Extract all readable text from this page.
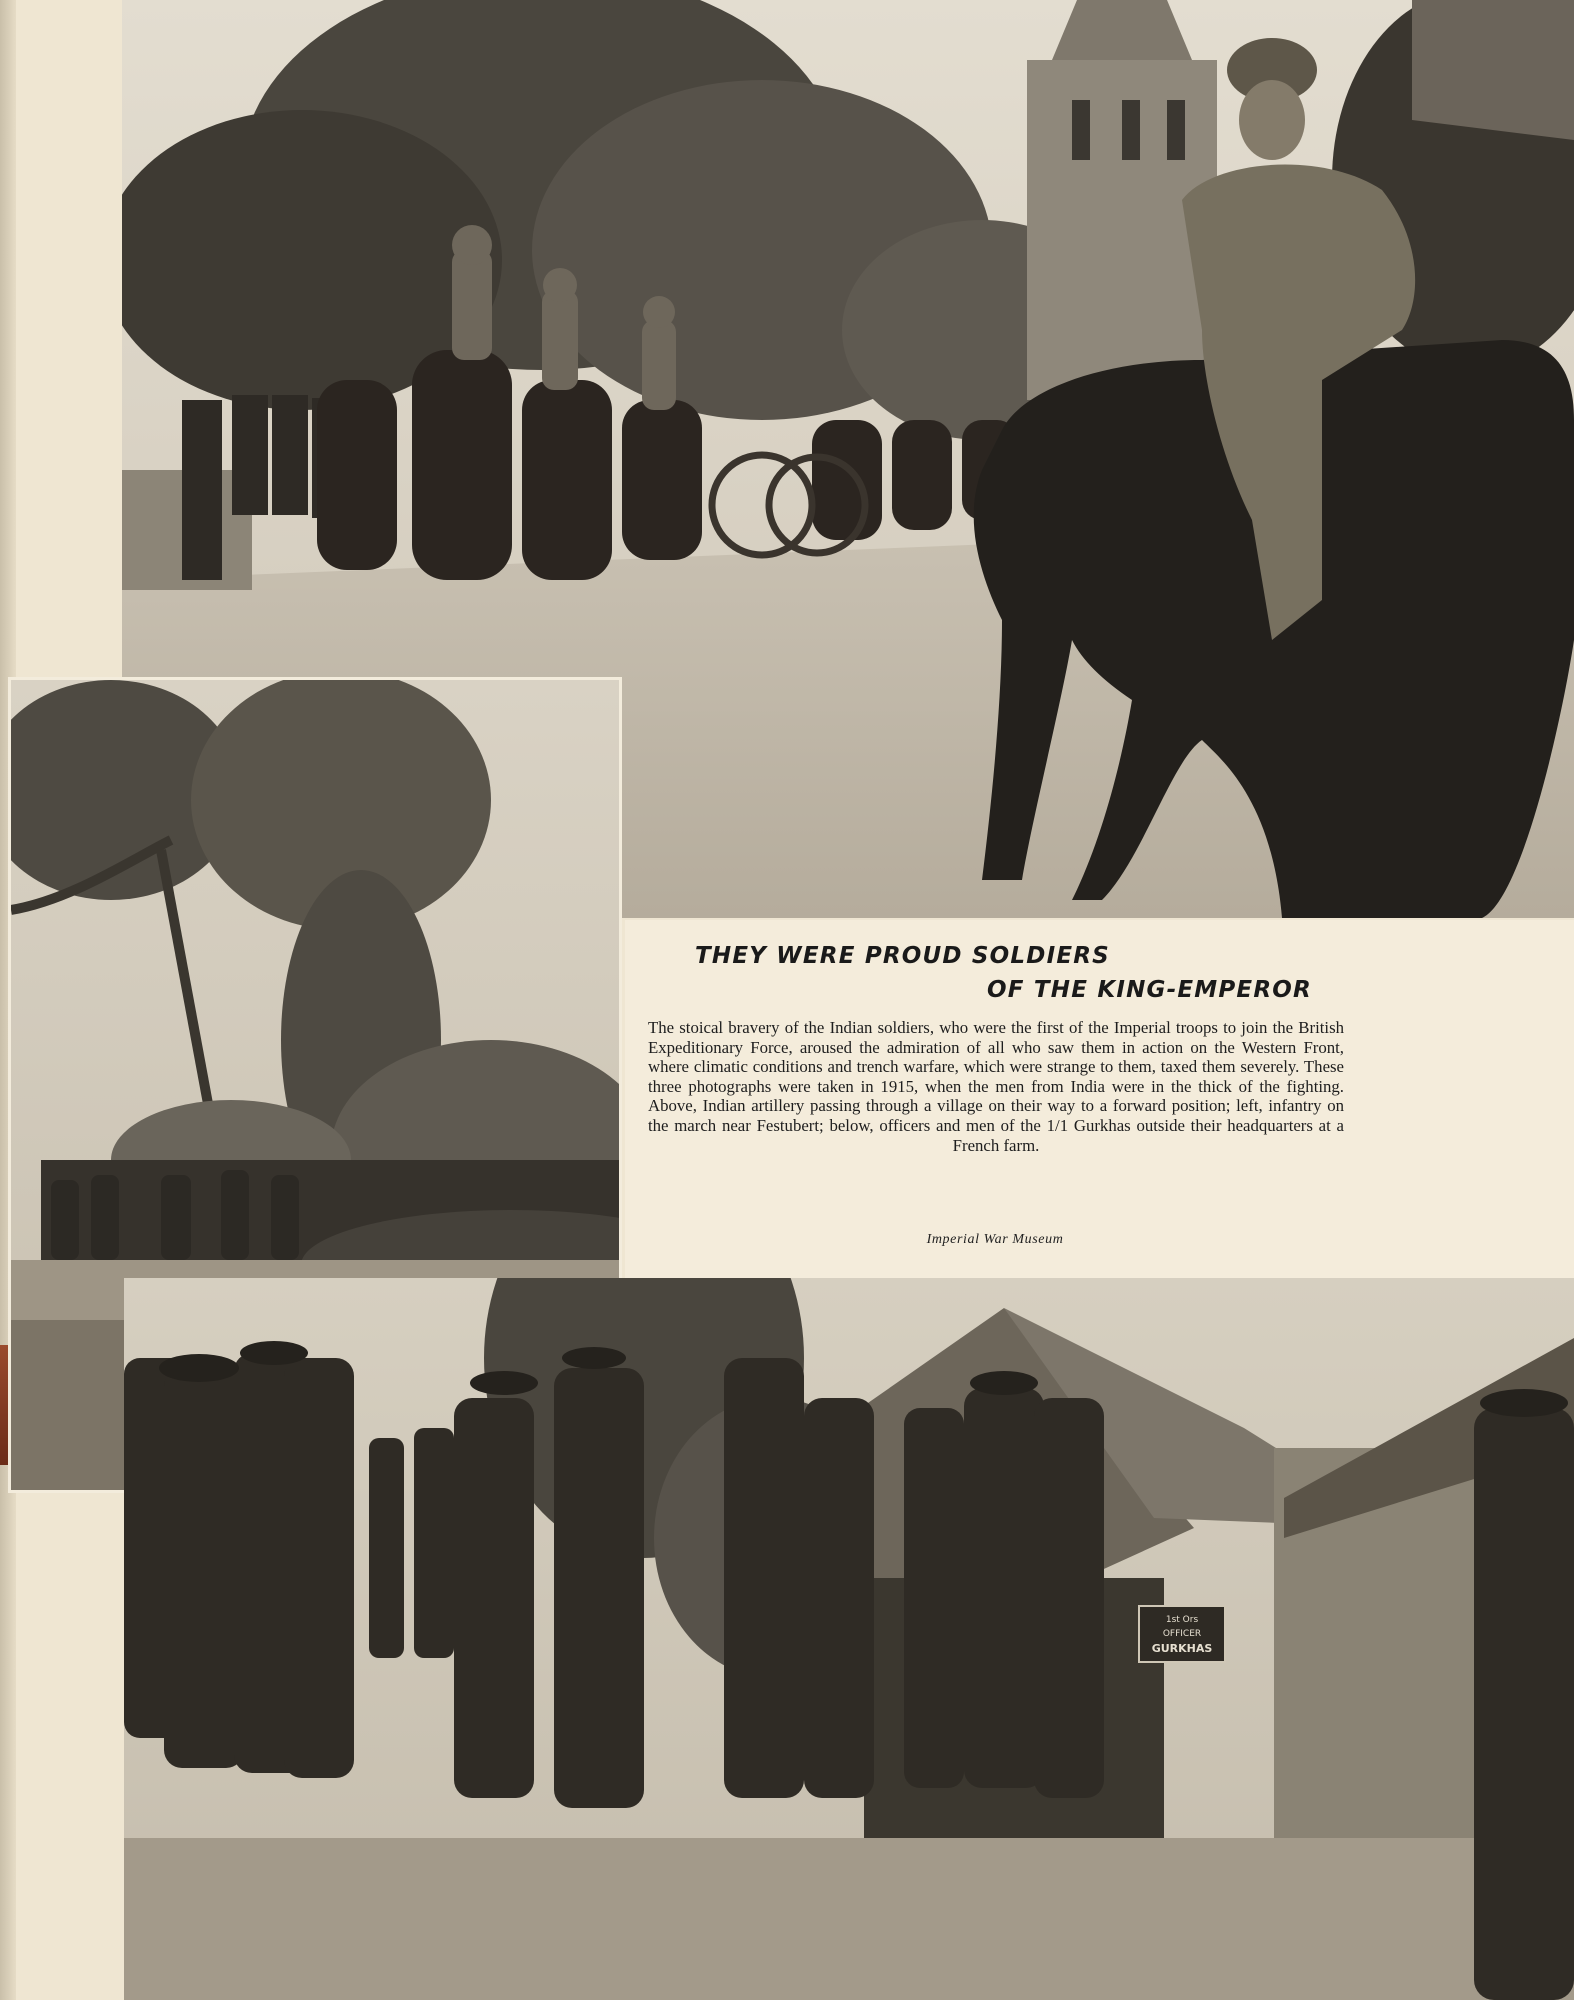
1st Ors
OFFICER
GURKHAS
THEY WERE PROUD SOLDIERS
OF THE KING-EMPEROR
The stoical bravery of the Indian soldiers, who were the first of the Imperial troops to join the British Expeditionary Force, aroused the admiration of all who saw them in action on the Western Front, where climatic conditions and trench warfare, which were strange to them, taxed them severely. These three photographs were taken in 1915, when the men from India were in the thick of the fighting. Above, Indian artillery passing through a village on their way to a forward position; left, infantry on the march near Festubert; below, officers and men of the 1/1 Gurkhas outside their headquarters at a French farm.
Imperial War Museum
